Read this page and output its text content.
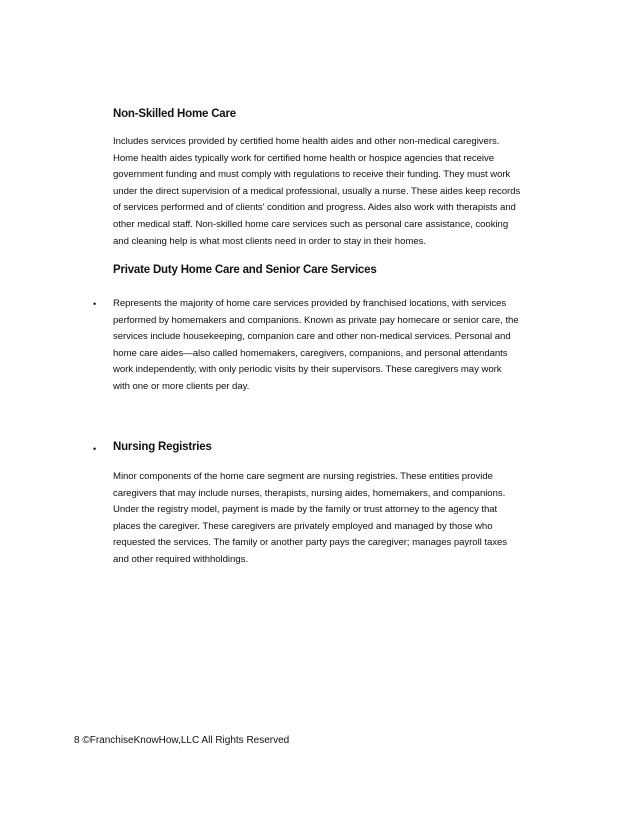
Non-Skilled Home Care
Includes services provided by certified home health aides and other non-medical caregivers.
Home health aides typically work for certified home health or hospice agencies that receive
government funding and must comply with regulations to receive their funding. They must work
under the direct supervision of a medical professional, usually a nurse. These aides keep records
of services performed and of clients' condition and progress. Aides also work with therapists and
other medical staff. Non-skilled home care services such as personal care assistance, cooking
and cleaning help is what most clients need in order to stay in their homes.
Private Duty Home Care and Senior Care Services
• Represents the majority of home care services provided by franchised locations, with services
performed by homemakers and companions. Known as private pay homecare or senior care, the
services include housekeeping, companion care and other non-medical services. Personal and
home care aides—also called homemakers, caregivers, companions, and personal attendants
work independently, with only periodic visits by their supervisors. These caregivers may work
with one or more clients per day.
• Nursing Registries
Minor components of the home care segment are nursing registries. These entities provide
caregivers that may include nurses, therapists, nursing aides, homemakers, and companions.
Under the registry model, payment is made by the family or trust attorney to the agency that
places the caregiver. These caregivers are privately employed and managed by those who
requested the services. The family or another party pays the caregiver; manages payroll taxes
and other required withholdings.
8 ©FranchiseKnowHow,LLC All Rights Reserved
